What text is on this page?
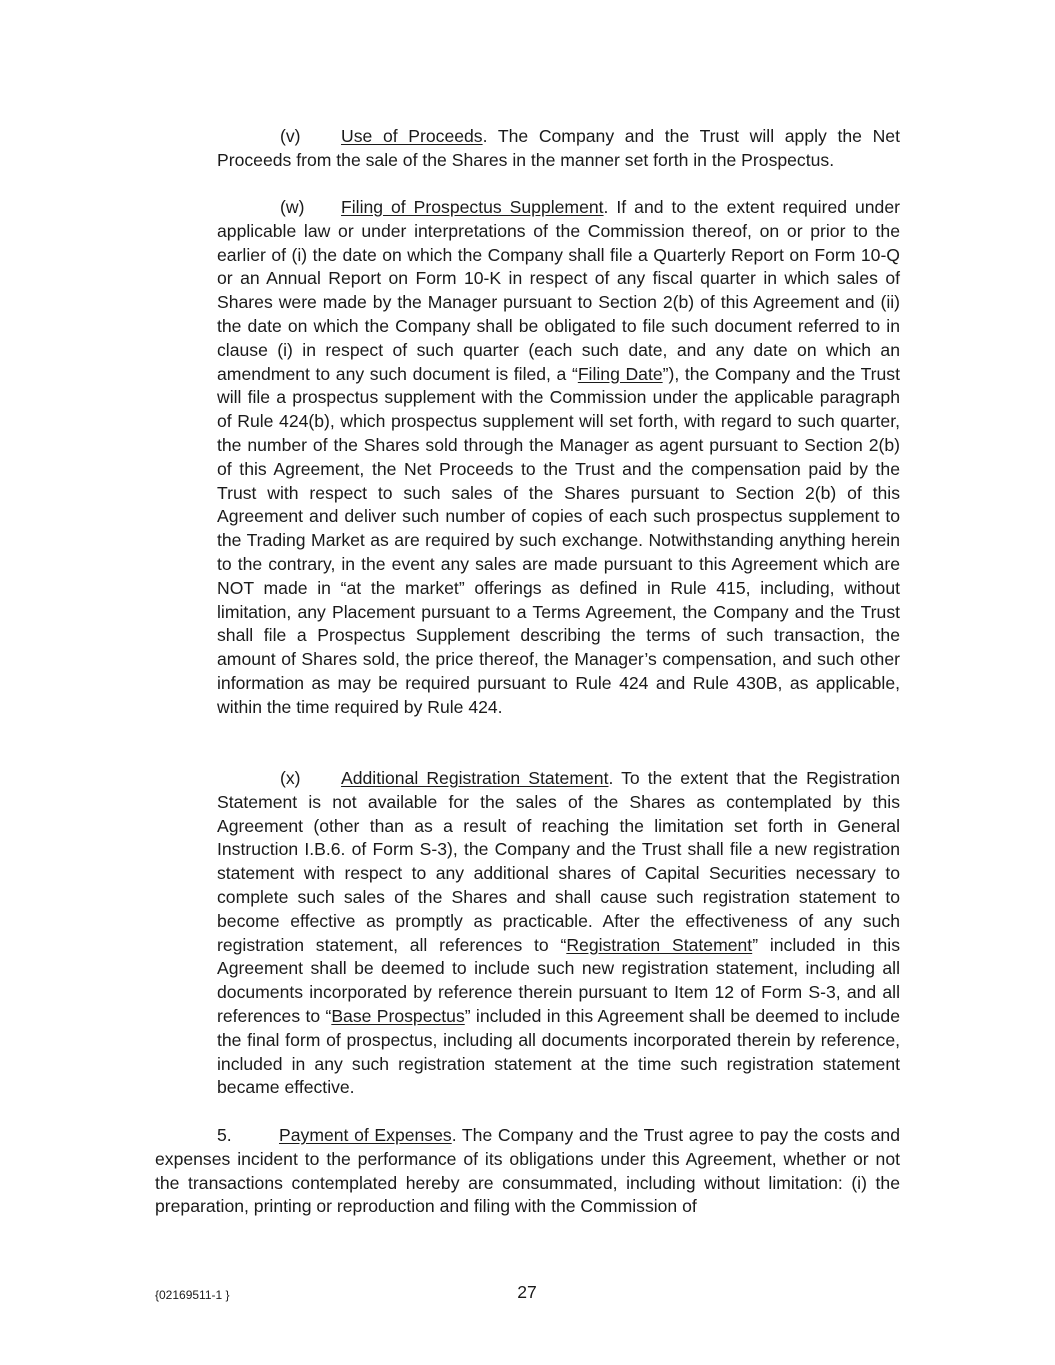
(v) Use of Proceeds. The Company and the Trust will apply the Net Proceeds from the sale of the Shares in the manner set forth in the Prospectus.

(w) Filing of Prospectus Supplement. If and to the extent required under applicable law or under interpretations of the Commission thereof, on or prior to the earlier of (i) the date on which the Company shall file a Quarterly Report on Form 10-Q or an Annual Report on Form 10-K in respect of any fiscal quarter in which sales of Shares were made by the Manager pursuant to Section 2(b) of this Agreement and (ii) the date on which the Company shall be obligated to file such document referred to in clause (i) in respect of such quarter (each such date, and any date on which an amendment to any such document is filed, a “Filing Date”), the Company and the Trust will file a prospectus supplement with the Commission under the applicable paragraph of Rule 424(b), which prospectus supplement will set forth, with regard to such quarter, the number of the Shares sold through the Manager as agent pursuant to Section 2(b) of this Agreement, the Net Proceeds to the Trust and the compensation paid by the Trust with respect to such sales of the Shares pursuant to Section 2(b) of this Agreement and deliver such number of copies of each such prospectus supplement to the Trading Market as are required by such exchange. Notwithstanding anything herein to the contrary, in the event any sales are made pursuant to this Agreement which are NOT made in “at the market” offerings as defined in Rule 415, including, without limitation, any Placement pursuant to a Terms Agreement, the Company and the Trust shall file a Prospectus Supplement describing the terms of such transaction, the amount of Shares sold, the price thereof, the Manager’s compensation, and such other information as may be required pursuant to Rule 424 and Rule 430B, as applicable, within the time required by Rule 424.

(x) Additional Registration Statement. To the extent that the Registration Statement is not available for the sales of the Shares as contemplated by this Agreement (other than as a result of reaching the limitation set forth in General Instruction I.B.6. of Form S-3), the Company and the Trust shall file a new registration statement with respect to any additional shares of Capital Securities necessary to complete such sales of the Shares and shall cause such registration statement to become effective as promptly as practicable. After the effectiveness of any such registration statement, all references to “Registration Statement” included in this Agreement shall be deemed to include such new registration statement, including all documents incorporated by reference therein pursuant to Item 12 of Form S-3, and all references to “Base Prospectus” included in this Agreement shall be deemed to include the final form of prospectus, including all documents incorporated therein by reference, included in any such registration statement at the time such registration statement became effective.

5.	Payment of Expenses. The Company and the Trust agree to pay the costs and expenses incident to the performance of its obligations under this Agreement, whether or not the transactions contemplated hereby are consummated, including without limitation: (i) the preparation, printing or reproduction and filing with the Commission of

{02169511-1 }	27
